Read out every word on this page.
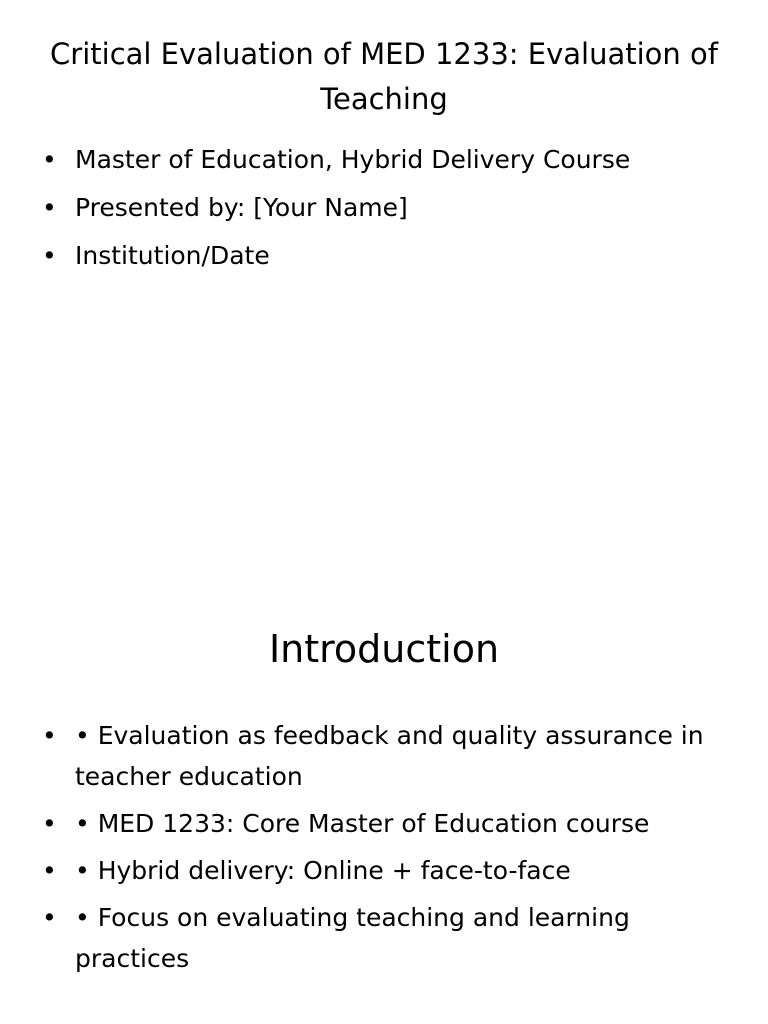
Critical Evaluation of MED 1233: Evaluation of Teaching
• Master of Education, Hybrid Delivery Course
• Presented by: [Your Name]
• Institution/Date
Introduction
• • Evaluation as feedback and quality assurance in teacher education
• • MED 1233: Core Master of Education course
• • Hybrid delivery: Online + face-to-face
• • Focus on evaluating teaching and learning practices
